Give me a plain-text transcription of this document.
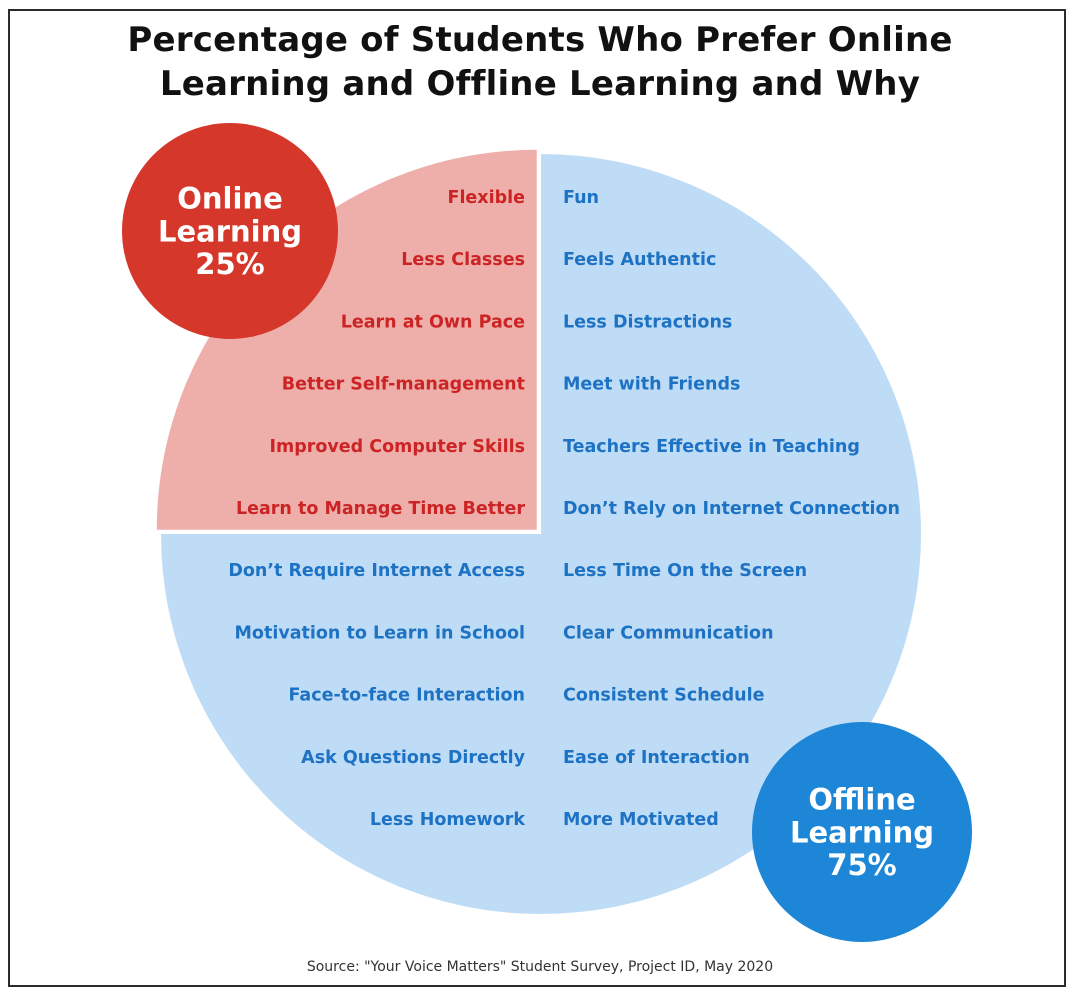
Percentage of Students Who Prefer Online
Learning and Offline Learning and Why
Flexible
Less Classes
Learn at Own Pace
Better Self-management
Improved Computer Skills
Learn to Manage Time Better
Fun
Feels Authentic
Less Distractions
Meet with Friends
Teachers Effective in Teaching
Don’t Rely on Internet Connection
Less Time On the Screen
Clear Communication
Consistent Schedule
Ease of Interaction
More Motivated
Don’t Require Internet Access
Motivation to Learn in School
Face-to-face Interaction
Ask Questions Directly
Less Homework
Online
Learning
25%
Offline
Learning
75%
Source: "Your Voice Matters" Student Survey, Project ID, May 2020
